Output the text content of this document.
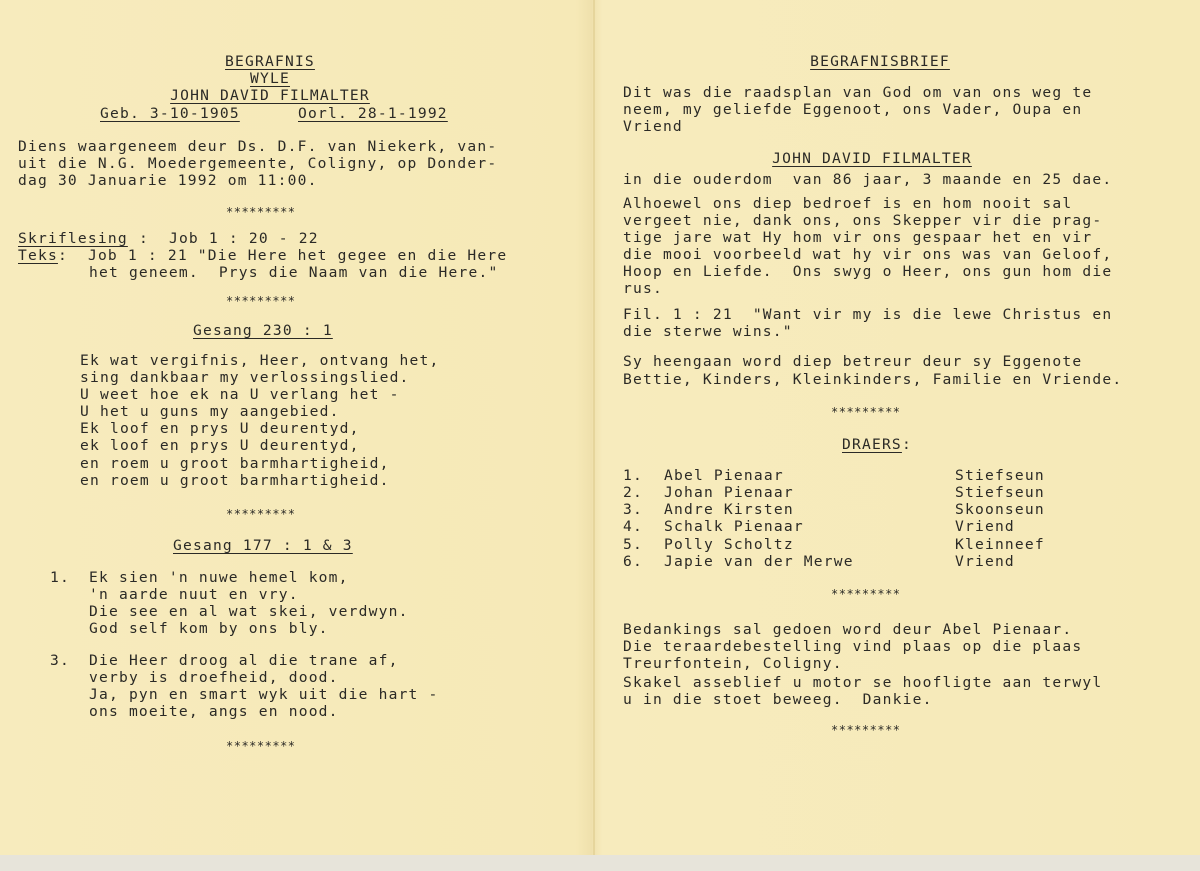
BEGRAFNIS
WYLE
JOHN DAVID FILMALTER
Geb. 3-10-1905	Oorl. 28-1-1992
Diens waargeneem deur Ds. D.F. van Niekerk, van-
uit die N.G. Moedergemeente, Coligny, op Donder-
dag 30 Januarie 1992 om 11:00.
*********
Skriflesing :  Job 1 : 20 - 22
Teks :  Job 1 : 21 "Die Here het gegee en die Here
het geneem.  Prys die Naam van die Here."
*********
Gesang 230 : 1
Ek wat vergifnis, Heer, ontvang het,
sing dankbaar my verlossingslied.
U weet hoe ek na U verlang het -
U het u guns my aangebied.
Ek loof en prys U deurentyd,
ek loof en prys U deurentyd,
en roem u groot barmhartigheid,
en roem u groot barmhartigheid.
*********
Gesang 177 : 1 & 3
1. Ek sien 'n nuwe hemel kom,
'n aarde nuut en vry.
Die see en al wat skei, verdwyn.
God self kom by ons bly.
3. Die Heer droog al die trane af,
verby is droefheid, dood.
Ja, pyn en smart wyk uit die hart -
ons moeite, angs en nood.
*********
BEGRAFNISBRIEF
Dit was die raadsplan van God om van ons weg te
neem, my geliefde Eggenoot, ons Vader, Oupa en
Vriend
JOHN DAVID FILMALTER
in die ouderdom  van 86 jaar, 3 maande en 25 dae.
Alhoewel ons diep bedroef is en hom nooit sal
vergeet nie, dank ons, ons Skepper vir die prag-
tige jare wat Hy hom vir ons gespaar het en vir
die mooi voorbeeld wat hy vir ons was van Geloof,
Hoop en Liefde.  Ons swyg o Heer, ons gun hom die
rus.
Fil. 1 : 21  "Want vir my is die lewe Christus en
die sterwe wins."
Sy heengaan word diep betreur deur sy Eggenote
Bettie, Kinders, Kleinkinders, Familie en Vriende.
*********
DRAERS :
1. Abel Pienaar	Stiefseun
2. Johan Pienaar	Stiefseun
3. Andre Kirsten	Skoonseun
4. Schalk Pienaar	Vriend
5. Polly Scholtz	Kleinneef
6. Japie van der Merwe	Vriend
*********
Bedankings sal gedoen word deur Abel Pienaar.
Die teraardebestelling vind plaas op die plaas
Treurfontein, Coligny.
Skakel asseblief u motor se hoofligte aan terwyl
u in die stoet beweeg.  Dankie.
*********
